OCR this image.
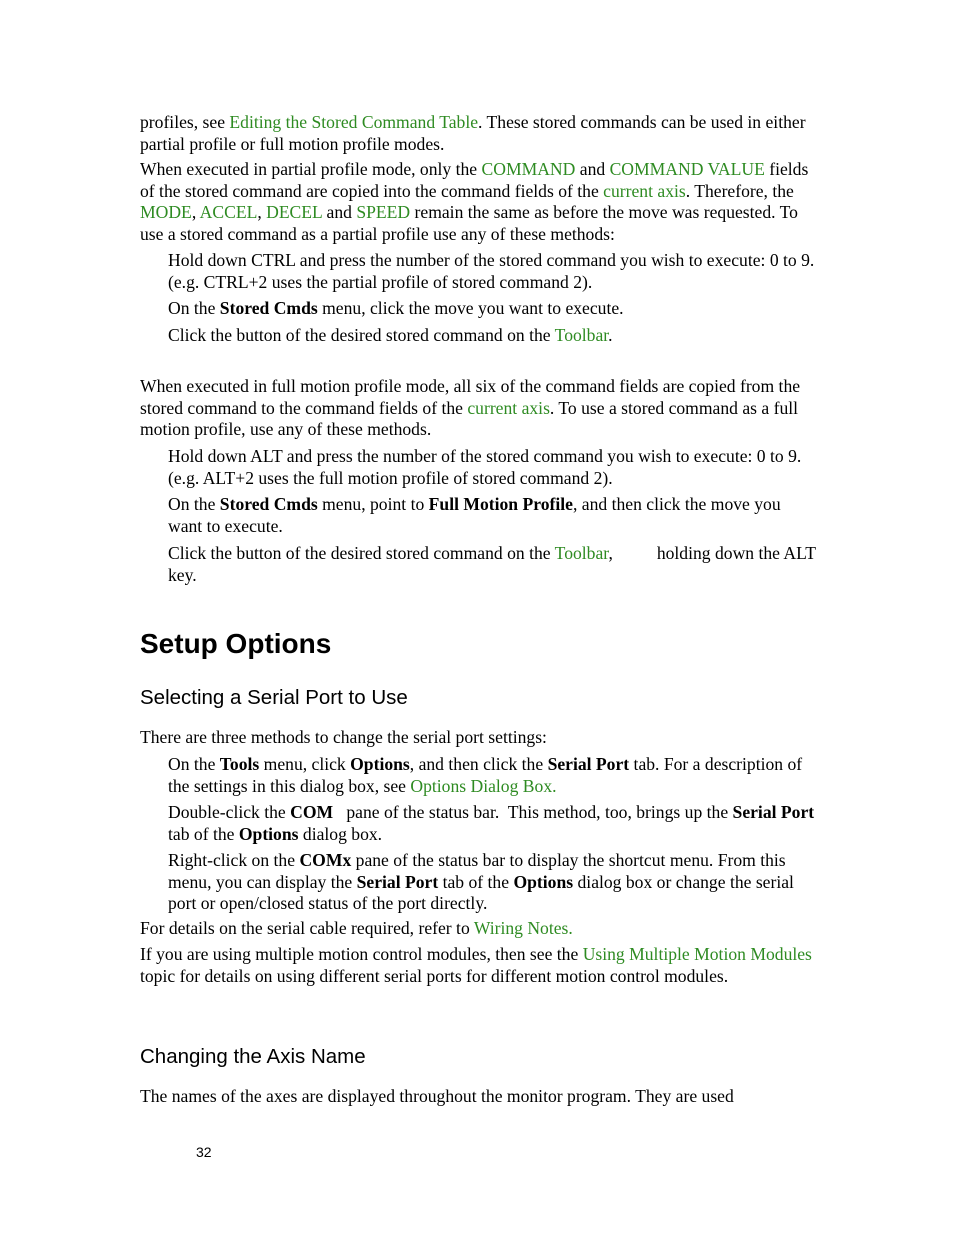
profiles, see Editing the Stored Command Table. These stored commands can be used in either partial profile or full motion profile modes.

When executed in partial profile mode, only the COMMAND and COMMAND VALUE fields of the stored command are copied into the command fields of the current axis. Therefore, the MODE, ACCEL, DECEL and SPEED remain the same as before the move was requested. To use a stored command as a partial profile use any of these methods:

Hold down CTRL and press the number of the stored command you wish to execute: 0 to 9. (e.g. CTRL+2 uses the partial profile of stored command 2).

On the Stored Cmds menu, click the move you want to execute.

Click the button of the desired stored command on the Toolbar.

When executed in full motion profile mode, all six of the command fields are copied from the stored command to the command fields of the current axis. To use a stored command as a full motion profile, use any of these methods.

Hold down ALT and press the number of the stored command you wish to execute: 0 to 9. (e.g. ALT+2 uses the full motion profile of stored command 2).

On the Stored Cmds menu, point to Full Motion Profile, and then click the move you want to execute.

Click the button of the desired stored command on the Toolbar,          holding down the ALT key.

Setup Options
Selecting a Serial Port to Use

There are three methods to change the serial port settings:

On the Tools menu, click Options, and then click the Serial Port tab. For a description of the settings in this dialog box, see Options Dialog Box.

Double-click the COM   pane of the status bar.  This method, too, brings up the Serial Port tab of the Options dialog box.

Right-click on the COMx pane of the status bar to display the shortcut menu. From this menu, you can display the Serial Port tab of the Options dialog box or change the serial port or open/closed status of the port directly.

For details on the serial cable required, refer to Wiring Notes.

If you are using multiple motion control modules, then see the Using Multiple Motion Modules topic for details on using different serial ports for different motion control modules.

Changing the Axis Name

The names of the axes are displayed throughout the monitor program. They are used

32
